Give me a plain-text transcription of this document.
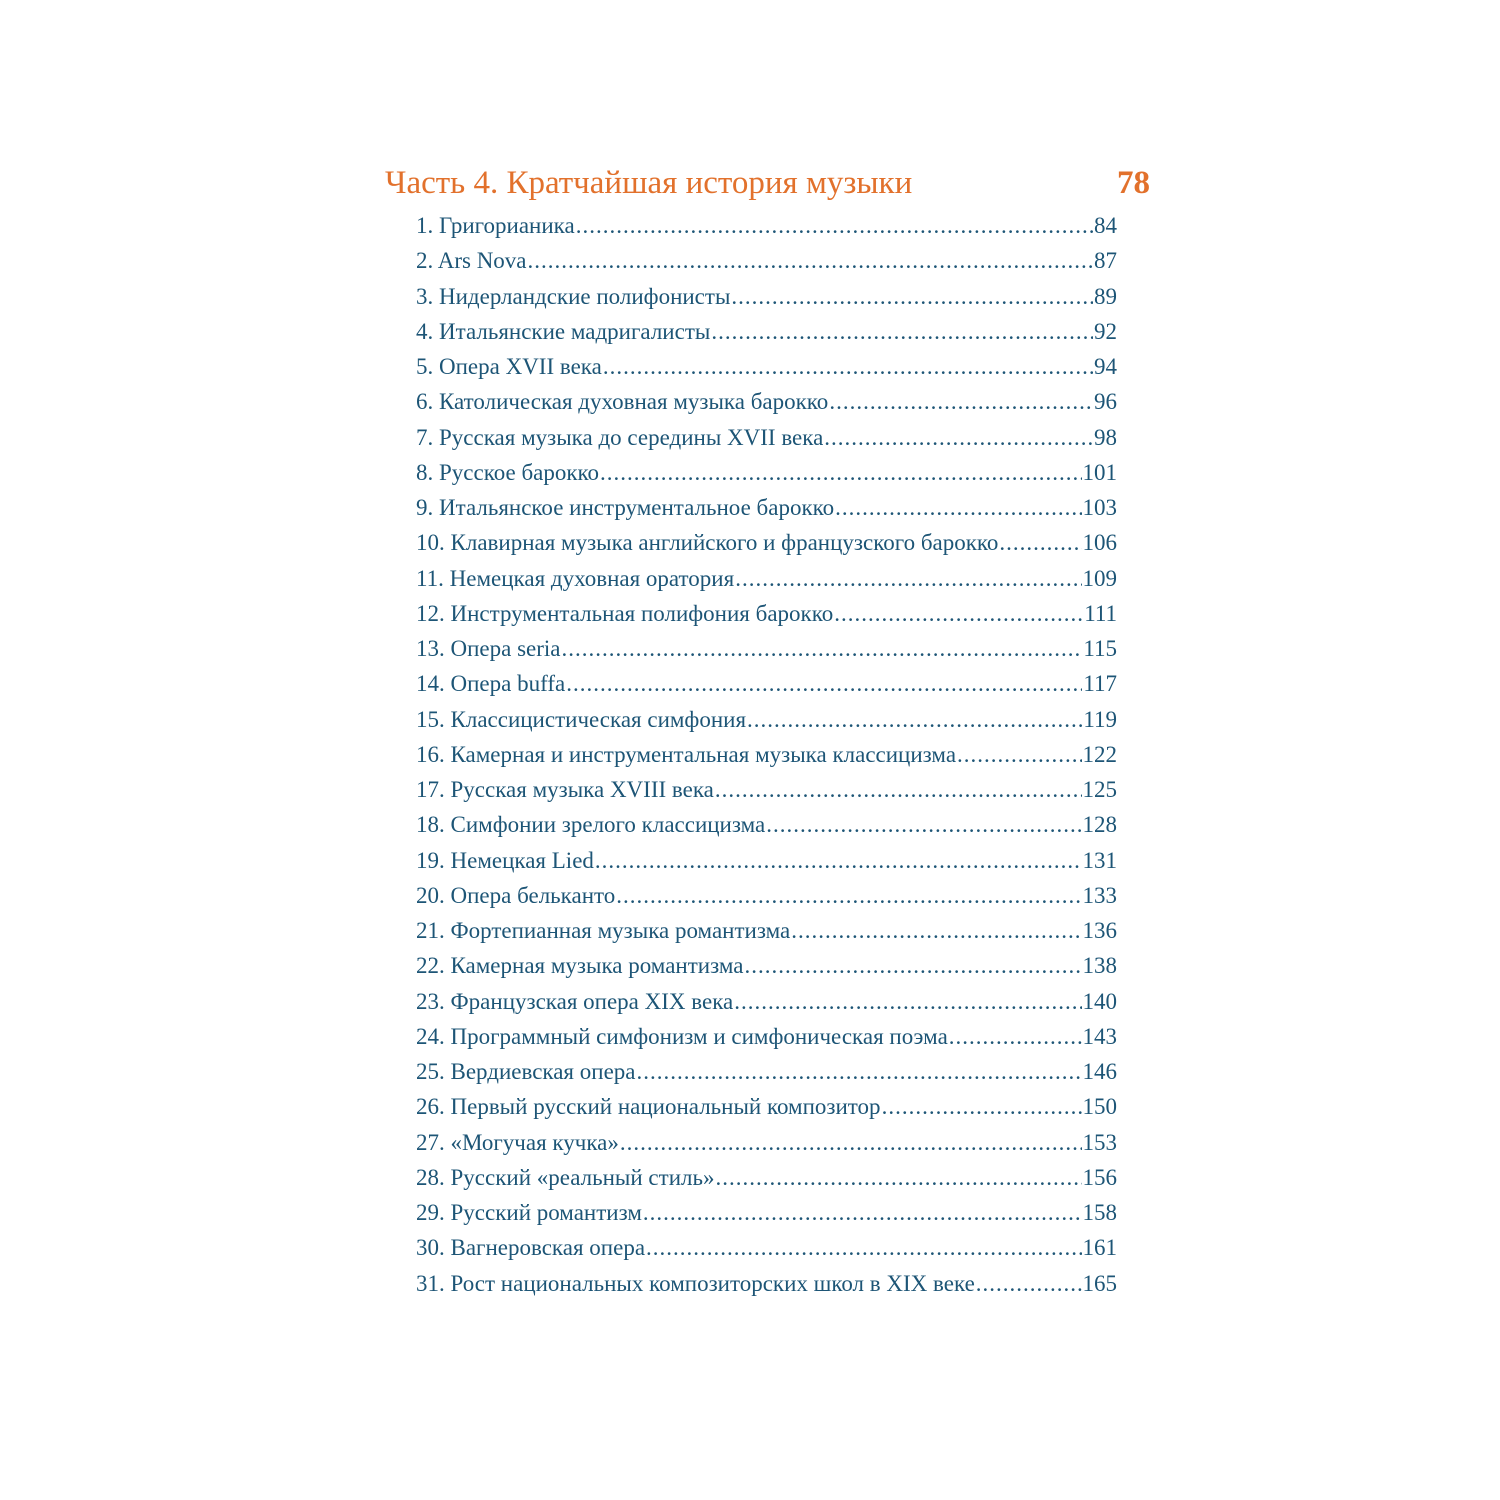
Часть 4. Кратчайшая история музыки	78
1. Григорианика .....	84
2. Ars Nova .....	87
3. Нидерландские полифонисты .....	89
4. Итальянские мадригалисты .....	92
5. Опера XVII века .....	94
6. Католическая духовная музыка барокко .....	96
7. Русская музыка до середины XVII века .....	98
8. Русское барокко .....	101
9. Итальянское инструментальное барокко .....	103
10. Клавирная музыка английского и французского барокко .....	106
11. Немецкая духовная оратория .....	109
12. Инструментальная полифония барокко .....	111
13. Опера seria .....	115
14. Опера buffa .....	117
15. Классицистическая симфония .....	119
16. Камерная и инструментальная музыка классицизма .....	122
17. Русская музыка XVIII века .....	125
18. Симфонии зрелого классицизма .....	128
19. Немецкая Lied .....	131
20. Опера бельканто .....	133
21. Фортепианная музыка романтизма .....	136
22. Камерная музыка романтизма .....	138
23. Французская опера XIX века .....	140
24. Программный симфонизм и симфоническая поэма .....	143
25. Вердиевская опера .....	146
26. Первый русский национальный композитор .....	150
27. «Могучая кучка» .....	153
28. Русский «реальный стиль» .....	156
29. Русский романтизм .....	158
30. Вагнеровская опера .....	161
31. Рост национальных композиторских школ в XIX веке .....	165
